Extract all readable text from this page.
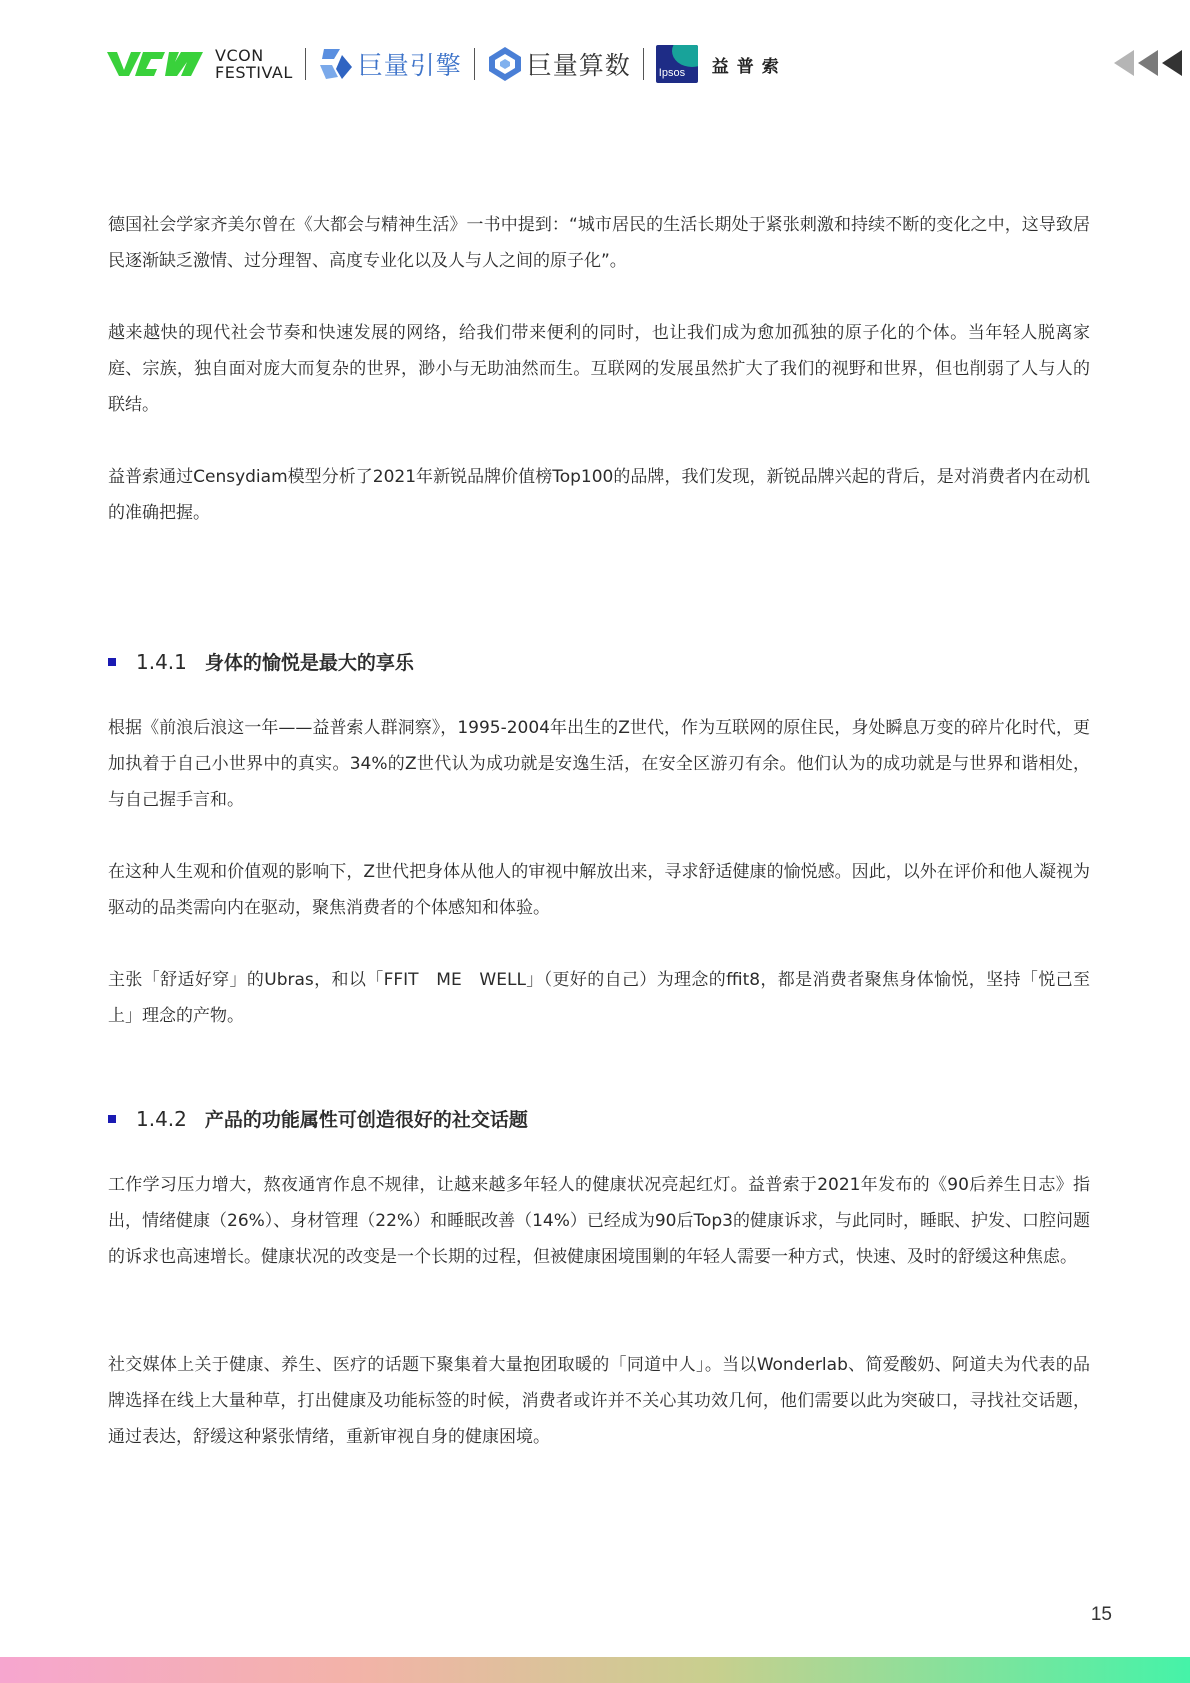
VCON
FESTIVAL	巨量引擎	巨量算数	Ipsos 益普索

德国社会学家齐美尔曾在《大都会与精神生活》一书中提到：“城市居民的生活长期处于紧张刺激和持续不断的变化之中，这导致居民逐渐缺乏激情、过分理智、高度专业化以及人与人之间的原子化”。

越来越快的现代社会节奏和快速发展的网络，给我们带来便利的同时，也让我们成为愈加孤独的原子化的个体。当年轻人脱离家庭、宗族，独自面对庞大而复杂的世界，渺小与无助油然而生。互联网的发展虽然扩大了我们的视野和世界，但也削弱了人与人的联结。

益普索通过Censydiam模型分析了2021年新锐品牌价值榜Top100的品牌，我们发现，新锐品牌兴起的背后，是对消费者内在动机的准确把握。

1.4.1 身体的愉悦是最大的享乐

根据《前浪后浪这一年——益普索人群洞察》，1995-2004年出生的Z世代，作为互联网的原住民，身处瞬息万变的碎片化时代，更加执着于自己小世界中的真实。34%的Z世代认为成功就是安逸生活，在安全区游刃有余。他们认为的成功就是与世界和谐相处，与自己握手言和。

在这种人生观和价值观的影响下，Z世代把身体从他人的审视中解放出来，寻求舒适健康的愉悦感。因此，以外在评价和他人凝视为驱动的品类需向内在驱动，聚焦消费者的个体感知和体验。

主张「舒适好穿」的Ubras，和以「FFIT　ME　WELL」（更好的自己）为理念的ffit8，都是消费者聚焦身体愉悦，坚持「悦己至上」理念的产物。

1.4.2 产品的功能属性可创造很好的社交话题

工作学习压力增大，熬夜通宵作息不规律，让越来越多年轻人的健康状况亮起红灯。益普索于2021年发布的《90后养生日志》指出，情绪健康（26%）、身材管理（22%）和睡眠改善（14%）已经成为90后Top3的健康诉求，与此同时，睡眠、护发、口腔问题的诉求也高速增长。健康状况的改变是一个长期的过程，但被健康困境围剿的年轻人需要一种方式，快速、及时的舒缓这种焦虑。

社交媒体上关于健康、养生、医疗的话题下聚集着大量抱团取暖的「同道中人」。当以Wonderlab、简爱酸奶、阿道夫为代表的品牌选择在线上大量种草，打出健康及功能标签的时候，消费者或许并不关心其功效几何，他们需要以此为突破口，寻找社交话题，通过表达，舒缓这种紧张情绪，重新审视自身的健康困境。

15
